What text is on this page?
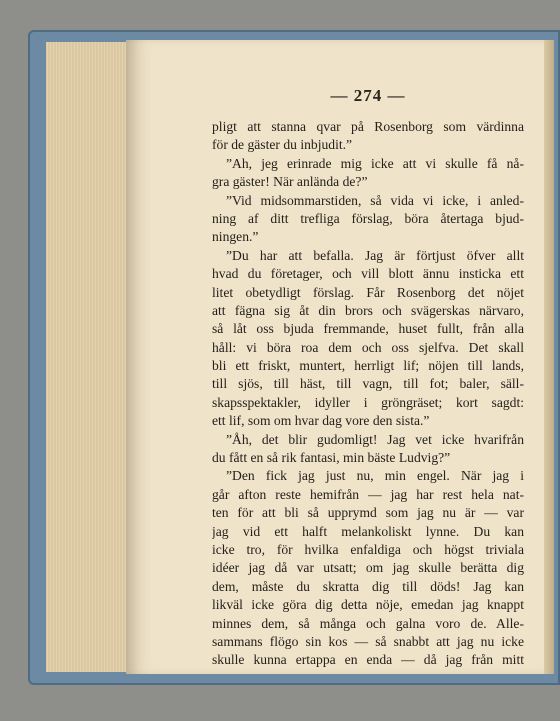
— 274 —
pligt att stanna qvar på Rosenborg som värdinna
för de gäster du inbjudit.”
”Ah, jeg erinrade mig icke att vi skulle få nå-
gra gäster! När anlända de?”
”Vid midsommarstiden, så vida vi icke, i anled-
ning af ditt trefliga förslag, böra återtaga bjud-
ningen.”
”Du har att befalla. Jag är förtjust öfver allt
hvad du företager, och vill blott ännu insticka ett
litet obetydligt förslag. Får Rosenborg det nöjet
att fägna sig åt din brors och svägerskas närvaro,
så låt oss bjuda fremmande, huset fullt, från alla
håll: vi böra roa dem och oss sjelfva. Det skall
bli ett friskt, muntert, herrligt lif; nöjen till lands,
till sjös, till häst, till vagn, till fot; baler, säll-
skapsspektakler, idyller i gröngräset; kort sagdt:
ett lif, som om hvar dag vore den sista.”
”Åh, det blir gudomligt! Jag vet icke hvarifrån
du fått en så rik fantasi, min bäste Ludvig?”
”Den fick jag just nu, min engel. När jag i
går afton reste hemifrån — jag har rest hela nat-
ten för att bli så upprymd som jag nu är — var
jag vid ett halft melankoliskt lynne. Du kan
icke tro, för hvilka enfaldiga och högst triviala
idéer jag då var utsatt; om jag skulle berätta dig
dem, måste du skratta dig till döds! Jag kan
likväl icke göra dig detta nöje, emedan jag knappt
minnes dem, så många och galna voro de. Alle-
sammans flögo sin kos — så snabbt att jag nu icke
skulle kunna ertappa en enda — då jag från mitt
